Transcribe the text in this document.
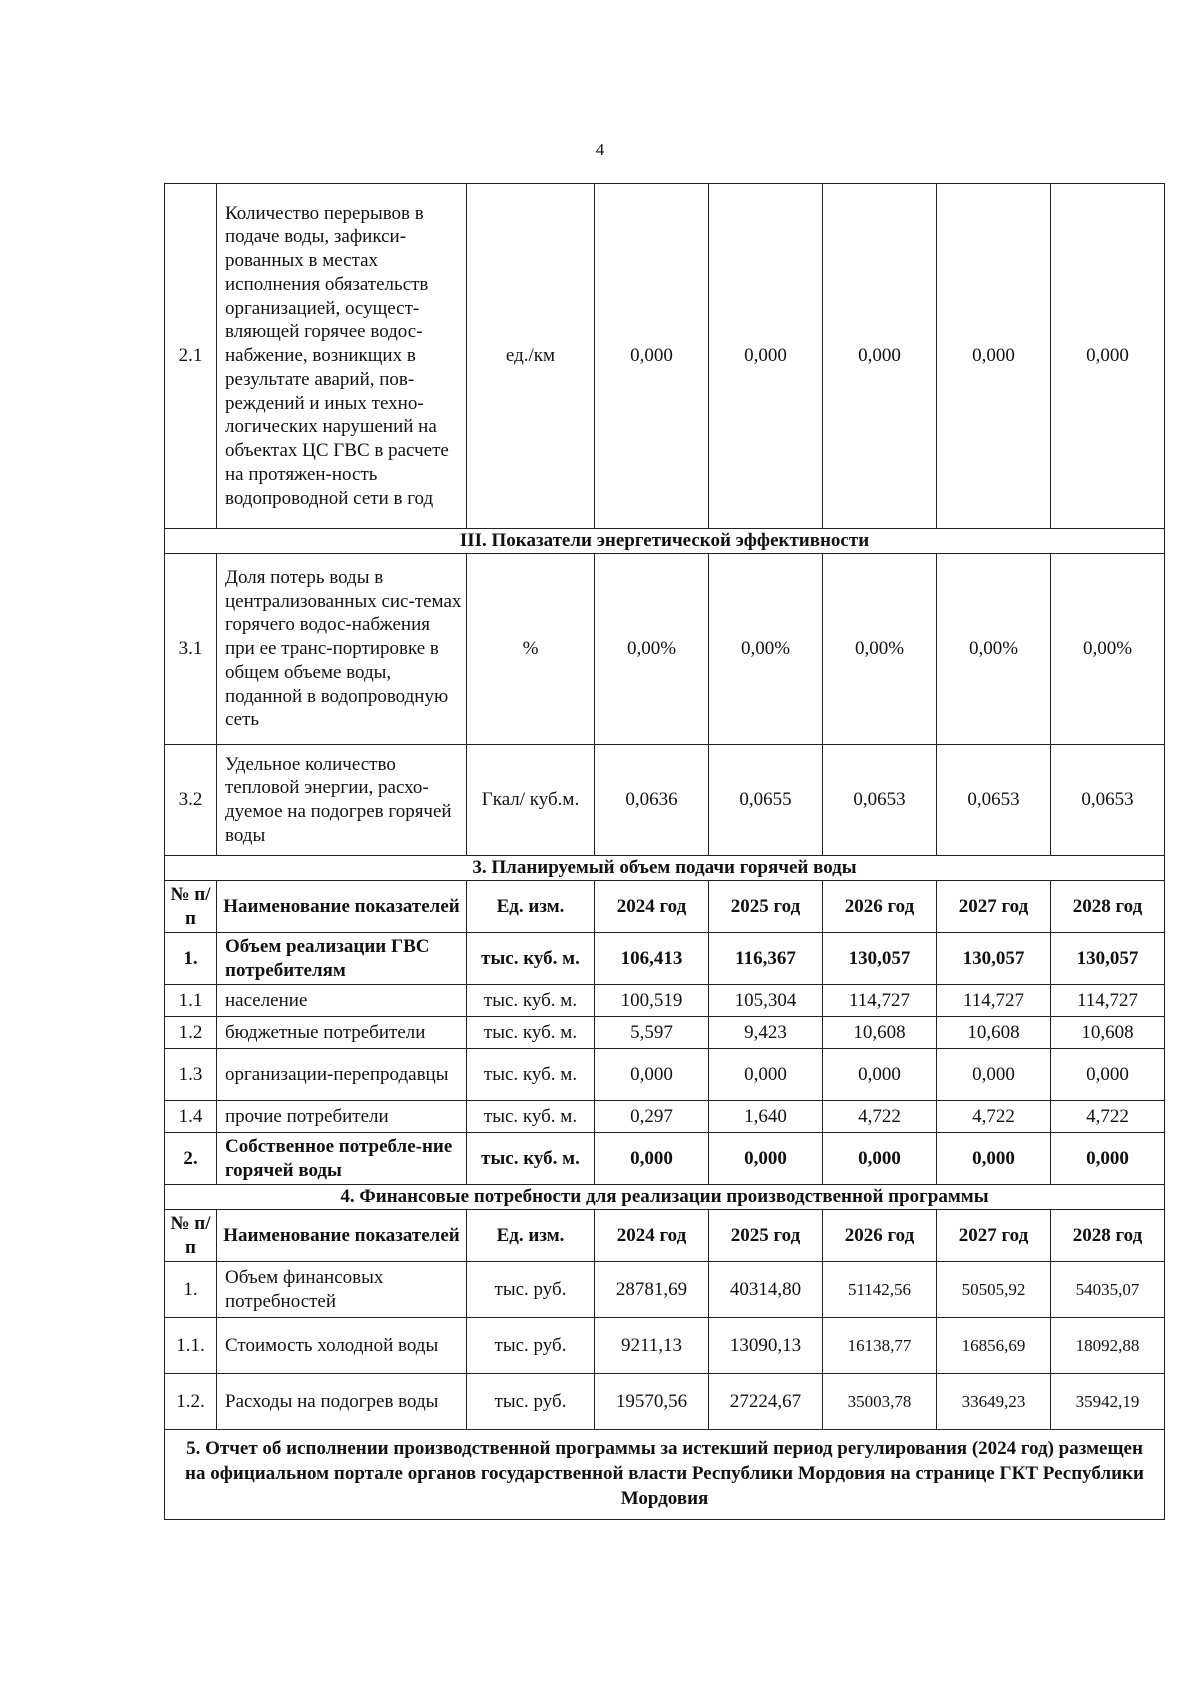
4
2.1	Количество перерывов в подаче воды, зафикси-рованных в местах исполнения обязательств организацией, осущест-вляющей горячее водос-набжение, возникщих в результате аварий, пов-реждений и иных техно-логических нарушений на объектах ЦС ГВС в расчете на протяжен-ность водопроводной сети в год	ед./км	0,000	0,000	0,000	0,000	0,000
III. Показатели энергетической эффективности							
3.1	Доля потерь воды в централизованных сис-темах горячего водос-набжения при ее транс-портировке в общем объеме воды, поданной в водопроводную сеть	%	0,00%	0,00%	0,00%	0,00%	0,00%
3.2	Удельное количество тепловой энергии, расхо-дуемое на подогрев горячей воды	Гкал/ куб.м.	0,0636	0,0655	0,0653	0,0653	0,0653
3. Планируемый объем подачи горячей воды							
№ п/п	Наименование показателей	Ед. изм.	2024 год	2025 год	2026 год	2027 год	2028 год
1.	Объем реализации ГВС потребителям	тыс. куб. м.	106,413	116,367	130,057	130,057	130,057
1.1	население	тыс. куб. м.	100,519	105,304	114,727	114,727	114,727
1.2	бюджетные потребители	тыс. куб. м.	5,597	9,423	10,608	10,608	10,608
1.3	организации-перепродавцы	тыс. куб. м.	0,000	0,000	0,000	0,000	0,000
1.4	прочие потребители	тыс. куб. м.	0,297	1,640	4,722	4,722	4,722
2.	Собственное потребле-ние горячей воды	тыс. куб. м.	0,000	0,000	0,000	0,000	0,000
4. Финансовые потребности для реализации производственной программы							
№ п/п	Наименование показателей	Ед. изм.	2024 год	2025 год	2026 год	2027 год	2028 год
1.	Объем финансовых потребностей	тыс. руб.	28781,69	40314,80	51142,56	50505,92	54035,07
1.1.	Стоимость холодной воды	тыс. руб.	9211,13	13090,13	16138,77	16856,69	18092,88
1.2.	Расходы на подогрев воды	тыс. руб.	19570,56	27224,67	35003,78	33649,23	35942,19
5. Отчет об исполнении производственной программы за истекший период регулирования (2024 год) размещен на официальном портале органов государственной власти Республики Мордовия на странице ГКТ Республики Мордовия							
